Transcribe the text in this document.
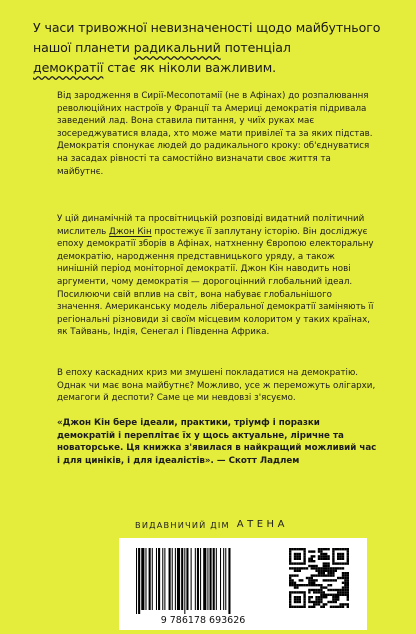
У часи тривожної невизначеності щодо майбутнього нашої планети радикальний потенціал
демократії стає як ніколи важливим.

Від зародження в Сирії-Месопотамії (не в Афінах) до розпалювання революційних настроїв у Франції та Америці демократія підривала заведений лад. Вона ставила питання, у чиїх руках має зосереджуватися влада, хто може мати привілеї та за яких підстав. Демократія спонукає людей до радикального кроку: об'єднуватися на засадах рівності та самостійно визначати своє життя та майбутнє.

У цій динамічній та просвітницькій розповіді видатний політичний мислитель Джон Кін простежує її заплутану історію. Він досліджує епоху демократії зборів в Афінах, натхненну Європою електоральну демократію, народження представницького уряду, а також нинішній період моніторної демократії. Джон Кін наводить нові аргументи, чому демократія — дорогоцінний глобальний ідеал. Посилюючи свій вплив на світ, вона набуває глобальнішого значення. Американську модель ліберальної демократії заміняють її регіональні різновиди зі своїм місцевим колоритом у таких країнах, як Тайвань, Індія, Сенегал і Південна Африка.

В епоху каскадних криз ми змушені покладатися на демократію. Однак чи має вона майбутнє? Можливо, усе ж переможуть олігархи, демагоги й деспоти? Саме це ми невдовзі з'ясуємо.

«Джон Кін бере ідеали, практики, тріумф і поразки демократій і переплітає їх у щось актуальне, ліричне та новаторське. Ця книжка з'явилася в найкращий можливий час і для циніків, і для ідеалістів». — Скотт Ладлем

ВИДАВНИЧИЙ ДІМ АТЕНА
9 786178 693626
